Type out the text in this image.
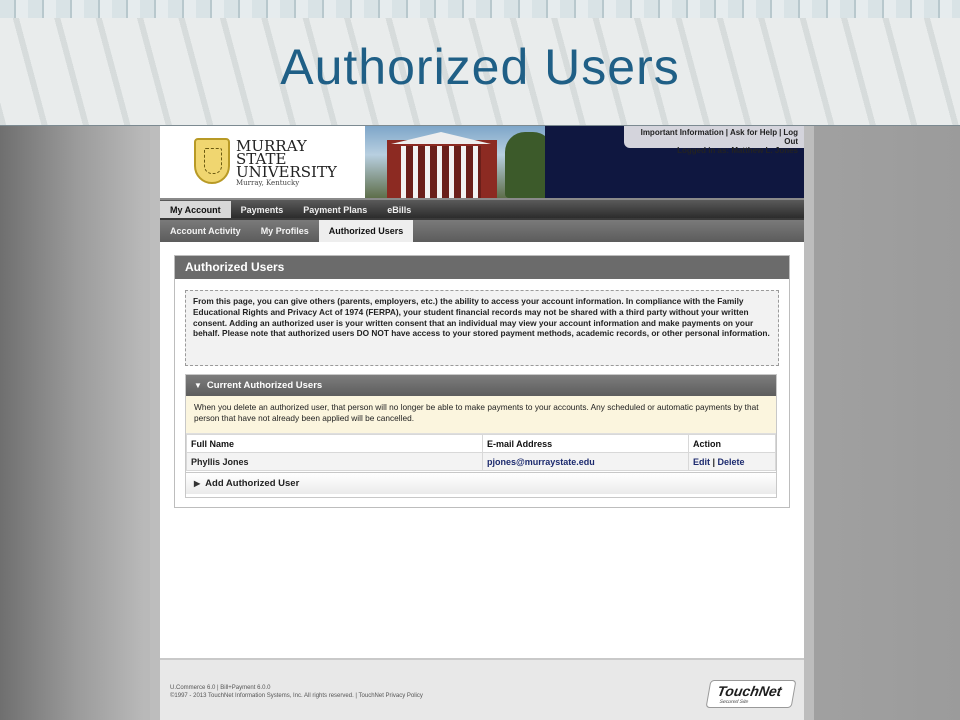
Authorized Users
MURRAY
STATE
UNIVERSITY
Murray, Kentucky
Important Information | Ask for Help | Log Out
Logged in as: Matthew L. Jones
My Account Payments Payment Plans eBills
Account Activity My Profiles Authorized Users
Authorized Users
From this page, you can give others (parents, employers, etc.) the ability to access your account information. In compliance with the Family Educational Rights and Privacy Act of 1974 (FERPA), your student financial records may not be shared with a third party without your written consent. Adding an authorized user is your written consent that an individual may view your account information and make payments on your behalf. Please note that authorized users DO NOT have access to your stored payment methods, academic records, or other personal information.
▼ Current Authorized Users
When you delete an authorized user, that person will no longer be able to make payments to your accounts. Any scheduled or automatic payments by that person that have not already been applied will be cancelled.
Full Name	E-mail Address	Action
Phyllis Jones	pjones@murraystate.edu	Edit | Delete
▶ Add Authorized User
U.Commerce 6.0 | Bill+Payment 6.0.0
©1997 - 2013 TouchNet Information Systems, Inc. All rights reserved. | TouchNet Privacy Policy	TouchNet
Secured Site
